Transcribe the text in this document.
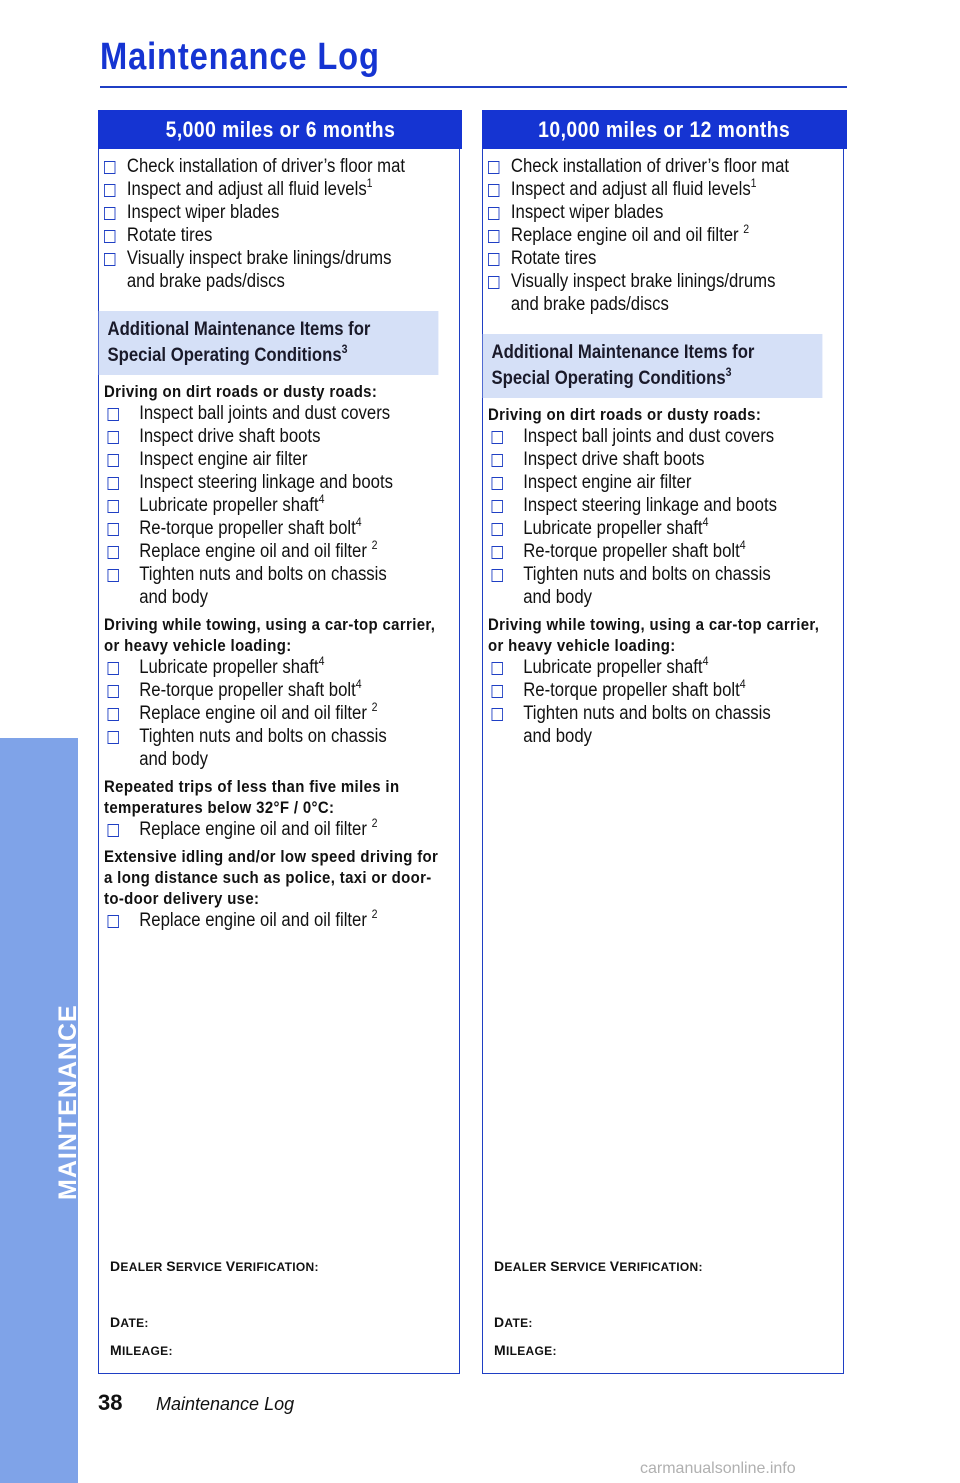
Maintenance Log
MAINTENANCE
5,000 miles or 6 months	10,000 miles or 12 months
Check installation of driver’s floor mat
Inspect and adjust all fluid levels$^1$
Inspect wiper blades
Rotate tires
Visually inspect brake linings/drums
and brake pads/discs
Additional Maintenance Items for
Special Operating Conditions$^3$
Driving on dirt roads or dusty roads:
Inspect ball joints and dust covers
Inspect drive shaft boots
Inspect engine air filter
Inspect steering linkage and boots
Lubricate propeller shaft$^4$
Re-torque propeller shaft bolt$^4$
Replace engine oil and oil filter $^2$
Tighten nuts and bolts on chassis
and body
Driving while towing, using a car-top carrier, or heavy vehicle loading:
Lubricate propeller shaft$^4$
Re-torque propeller shaft bolt$^4$
Replace engine oil and oil filter $^2$
Tighten nuts and bolts on chassis
and body
Repeated trips of less than five miles in temperatures below 32°F / 0°C:
Replace engine oil and oil filter $^2$
Extensive idling and/or low speed driving for a long distance such as police, taxi or door-to-door delivery use:
Replace engine oil and oil filter $^2$
Check installation of driver’s floor mat
Inspect and adjust all fluid levels$^1$
Inspect wiper blades
Replace engine oil and oil filter $^2$
Rotate tires
Visually inspect brake linings/drums
and brake pads/discs
Additional Maintenance Items for
Special Operating Conditions$^3$
Driving on dirt roads or dusty roads:
Inspect ball joints and dust covers
Inspect drive shaft boots
Inspect engine air filter
Inspect steering linkage and boots
Lubricate propeller shaft$^4$
Re-torque propeller shaft bolt$^4$
Tighten nuts and bolts on chassis
and body
Driving while towing, using a car-top carrier, or heavy vehicle loading:
Lubricate propeller shaft$^4$
Re-torque propeller shaft bolt$^4$
Tighten nuts and bolts on chassis
and body
DEALER SERVICE VERIFICATION:
DATE:
MILEAGE:
DEALER SERVICE VERIFICATION:
DATE:
MILEAGE:
38 Maintenance Log
carmanualsonline.info
